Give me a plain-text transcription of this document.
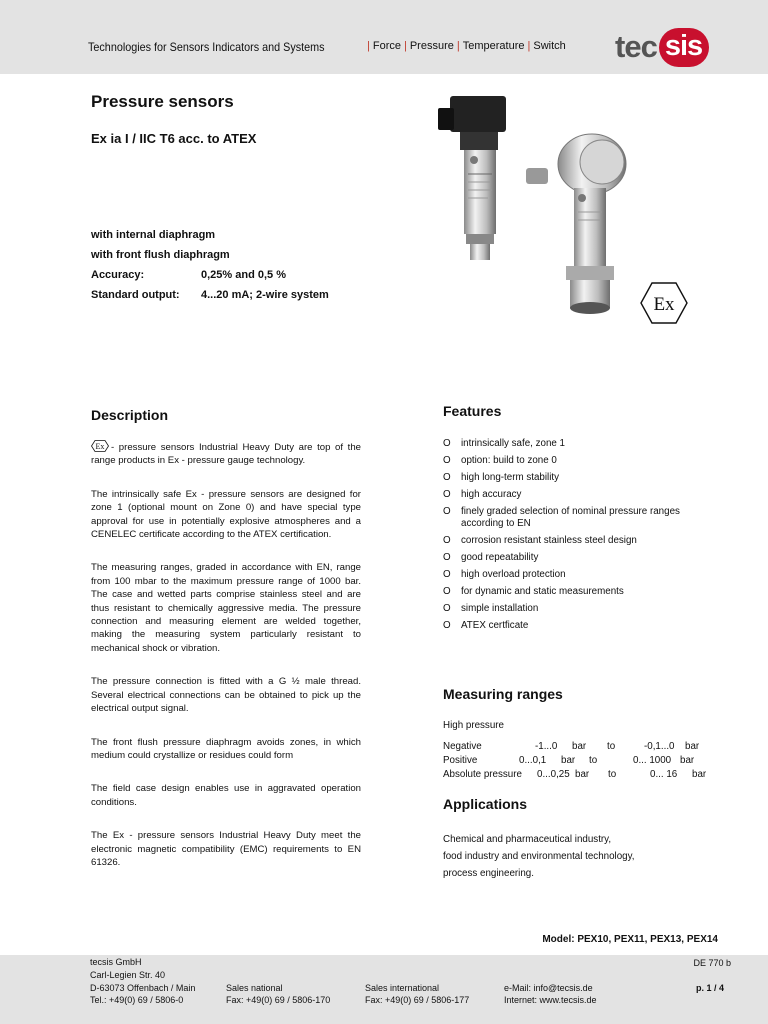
Technologies for Sensors Indicators and Systems	| Force | Pressure | Temperature | Switch tec sis
Pressure sensors
Ex ia I / IIC T6 acc. to ATEX
with internal diaphragm
with front flush diaphragm
Accuracy:	0,25% and 0,5 %
Standard output:	4...20 mA; 2-wire system	Ex
Description

Ex - pressure sensors Industrial Heavy Duty are top of the range products in Ex - pressure gauge technology.

The intrinsically safe Ex - pressure sensors are designed for zone 1 (optional mount on Zone 0) and have special type approval for use in potentially explosive atmospheres and a CENELEC certificate according to the ATEX certification.

The measuring ranges, graded in accordance with EN, range from 100 mbar to the maximum pressure range of 1000 bar. The case and wetted parts comprise stainless steel and are thus resistant to chemically aggressive media. The pressure connection and measuring element are welded together, making the measuring system particularly resistant to mechanical shock or vibration.

The pressure connection is fitted with a G ½ male thread. Several electrical connections can be obtained to pick up the electrical output signal.

The front flush pressure diaphragm avoids zones, in which medium could crystallize or residues could form

The field case design enables use in aggravated operation conditions.

The Ex - pressure sensors Industrial Heavy Duty meet the electronic magnetic compatibility (EMC) requirements to EN 61326.

Features
O	intrinsically safe, zone 1
O	option: build to zone 0
O	high long-term stability
O	high accuracy
O	finely graded selection of nominal pressure ranges according to EN
O	corrosion resistant stainless steel design
O	good repeatability
O	high overload protection
O	for dynamic and static measurements
O	simple installation
O	ATEX certficate
Measuring ranges
High pressure
Negative	-1...0 bar to	-0,1...0 bar
Positive	0...0,1 bar to	0... 1000 bar
Absolute pressure 0...0,25 bar to	0... 16 bar
Applications
Chemical and pharmaceutical industry,
food industry and environmental technology,
process engineering.
Model: PEX10, PEX11, PEX13, PEX14
tecsis GmbH
Carl-Legien Str. 40
D-63073 Offenbach / Main
Tel.: +49(0) 69 / 5806-0
Sales national
Fax: +49(0) 69 / 5806-170
Sales international
Fax: +49(0) 69 / 5806-177
e-Mail: info@tecsis.de
Internet: www.tecsis.de
DE 770 b
p. 1 / 4
